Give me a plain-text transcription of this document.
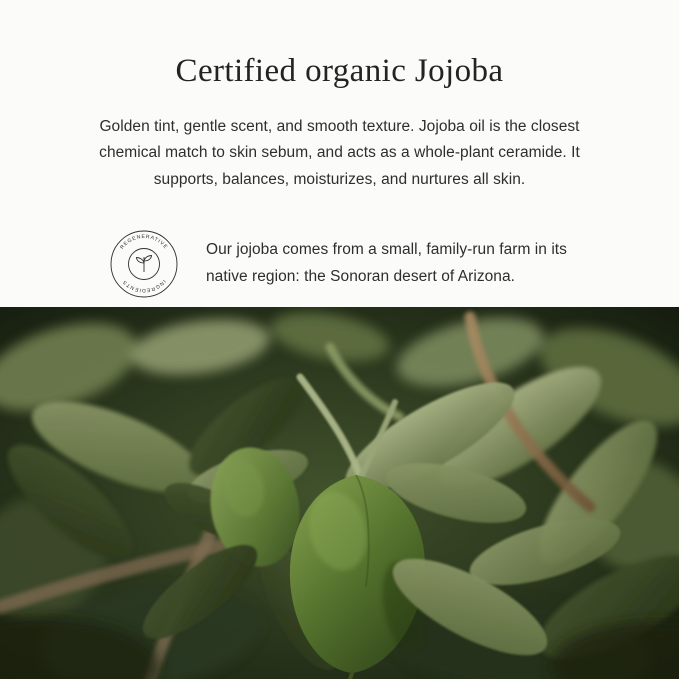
Certified organic Jojoba

Golden tint, gentle scent, and smooth texture. Jojoba oil is the closest chemical match to skin sebum, and acts as a whole-plant ceramide. It supports, balances, moisturizes, and nurtures all skin.

REGENERATIVE
INGREDIENTS

Our jojoba comes from a small, family-run farm in its native region: the Sonoran desert of Arizona.
